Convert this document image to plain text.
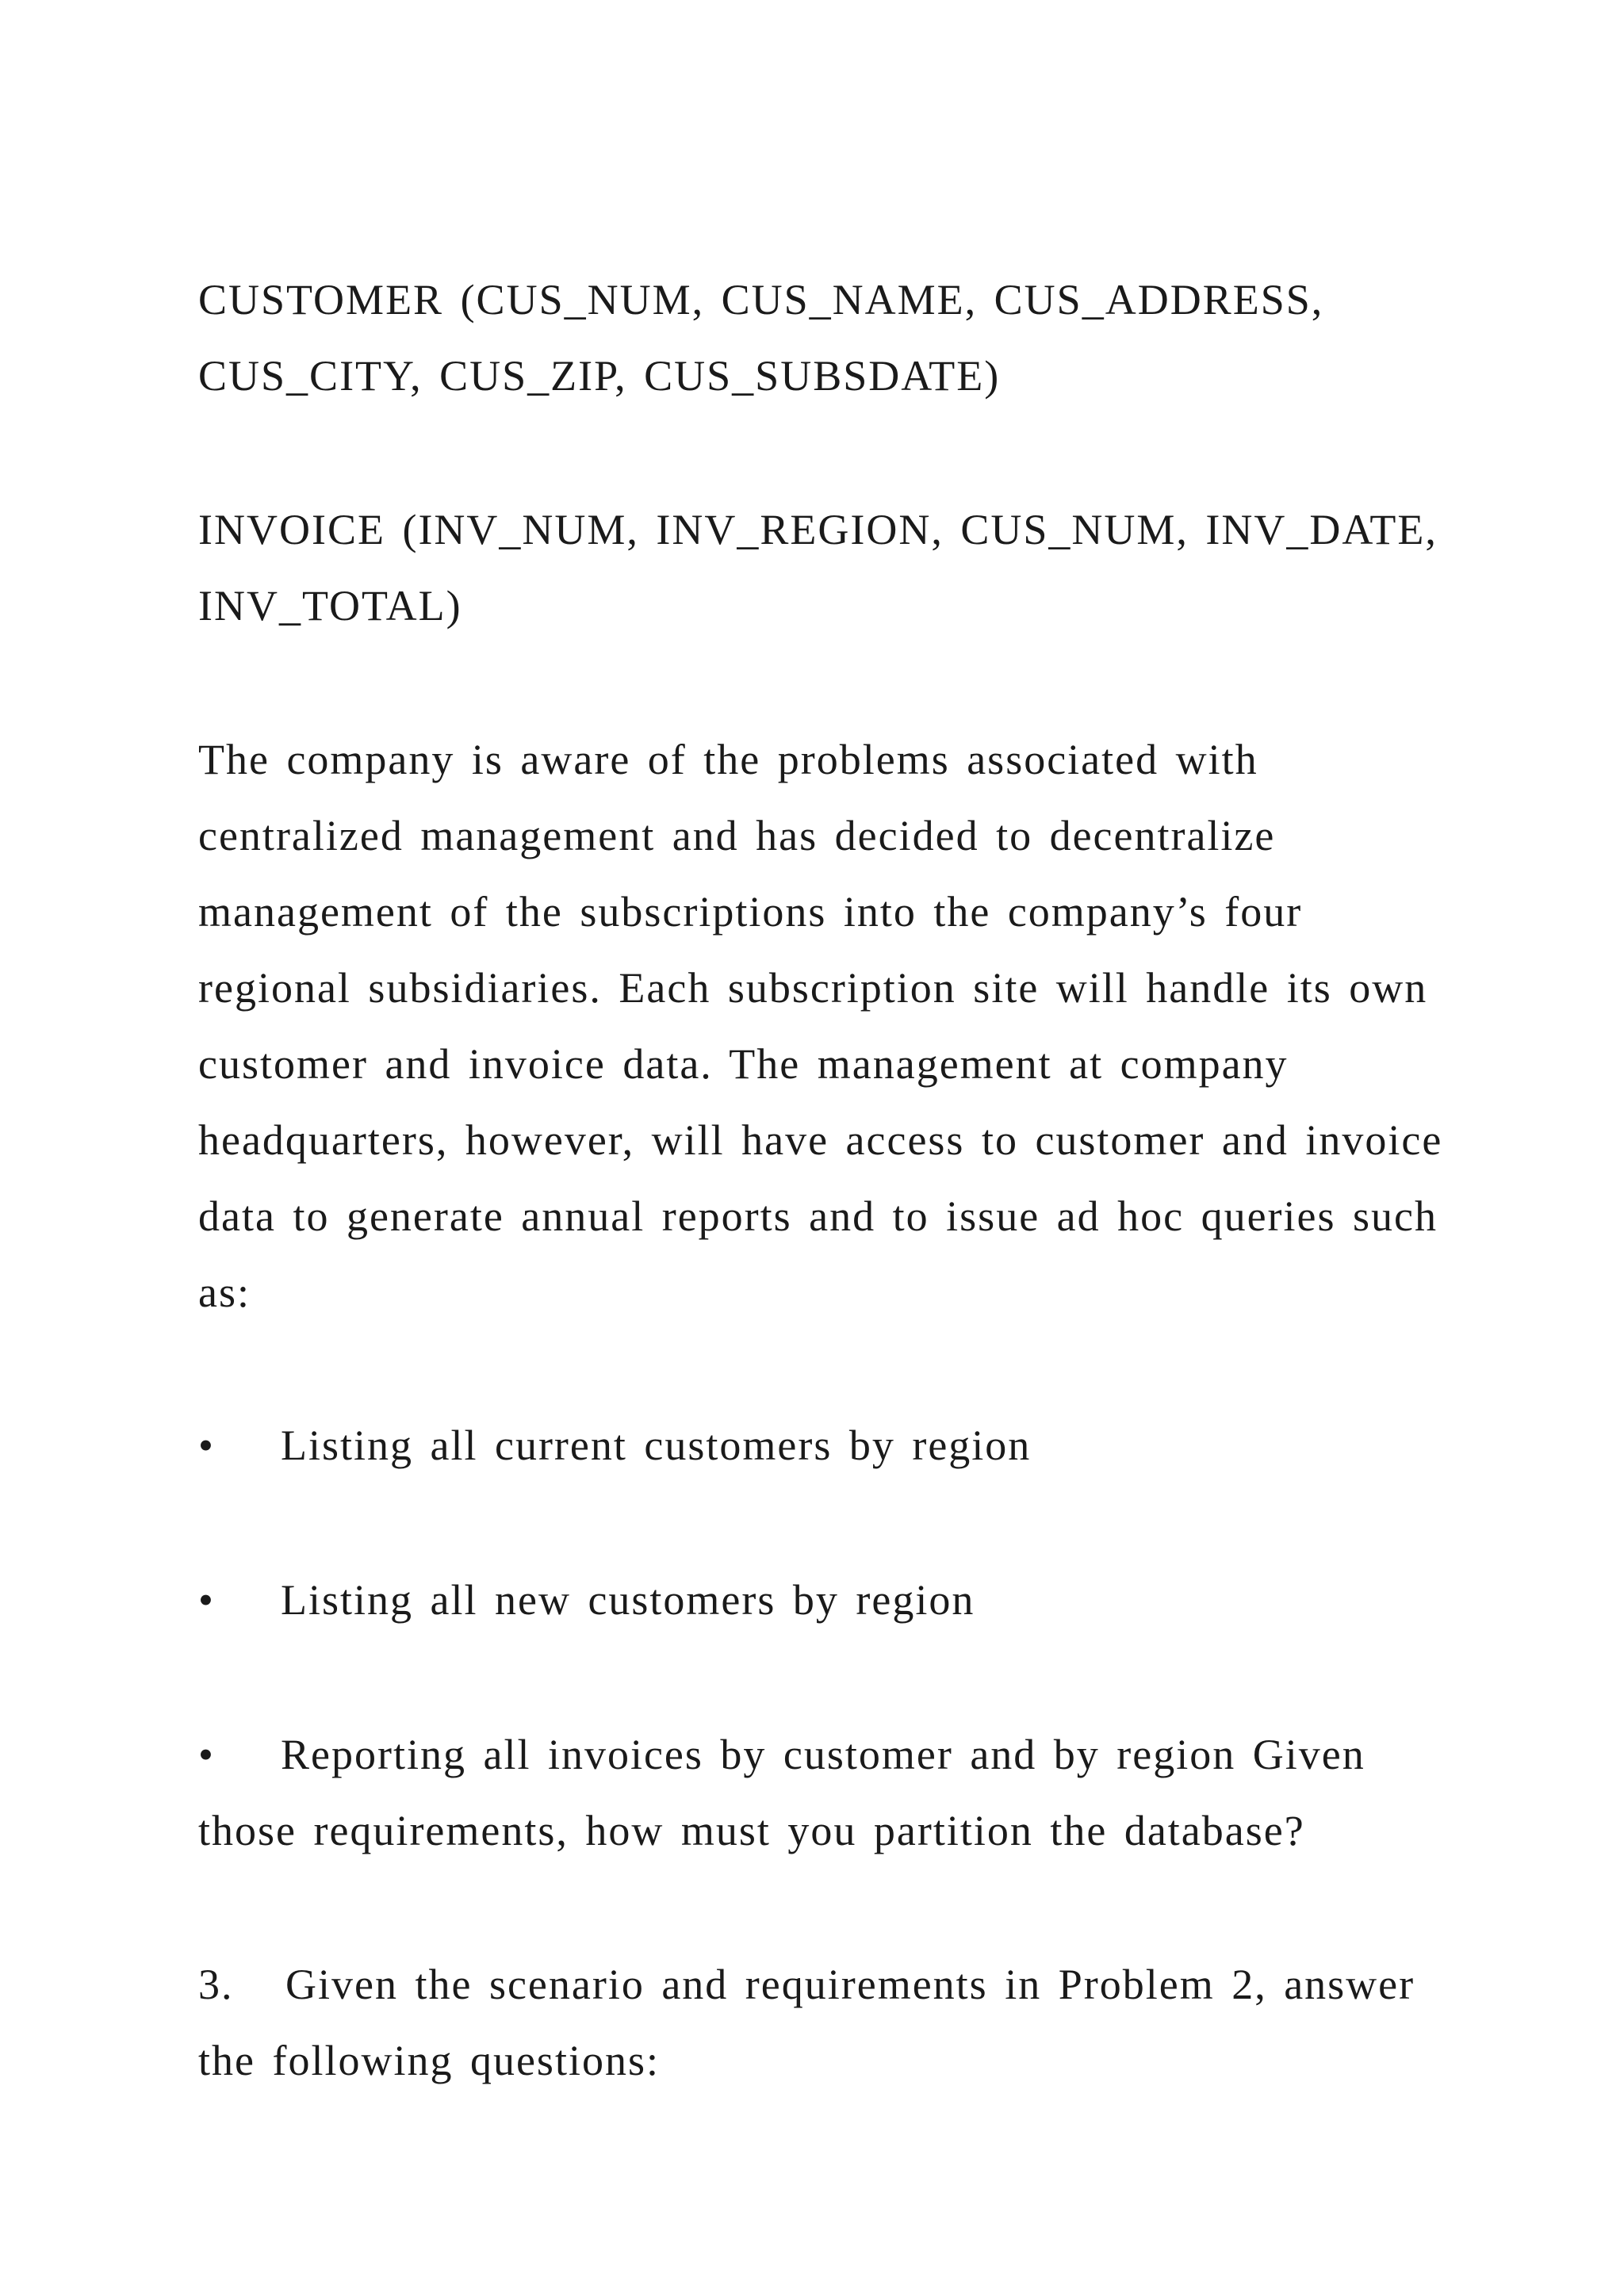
CUSTOMER (CUS_NUM, CUS_NAME, CUS_ADDRESS,
CUS_CITY, CUS_ZIP, CUS_SUBSDATE)
INVOICE (INV_NUM, INV_REGION, CUS_NUM, INV_DATE,
INV_TOTAL)
The company is aware of the problems associated with
centralized management and has decided to decentralize
management of the subscriptions into the company’s four
regional subsidiaries. Each subscription site will handle its own
customer and invoice data. The management at company
headquarters, however, will have access to customer and invoice
data to generate annual reports and to issue ad hoc queries such
as:
• Listing all current customers by region
• Listing all new customers by region
• Reporting all invoices by customer and by region Given
those requirements, how must you partition the database?
3. Given the scenario and requirements in Problem 2, answer
the following questions:
